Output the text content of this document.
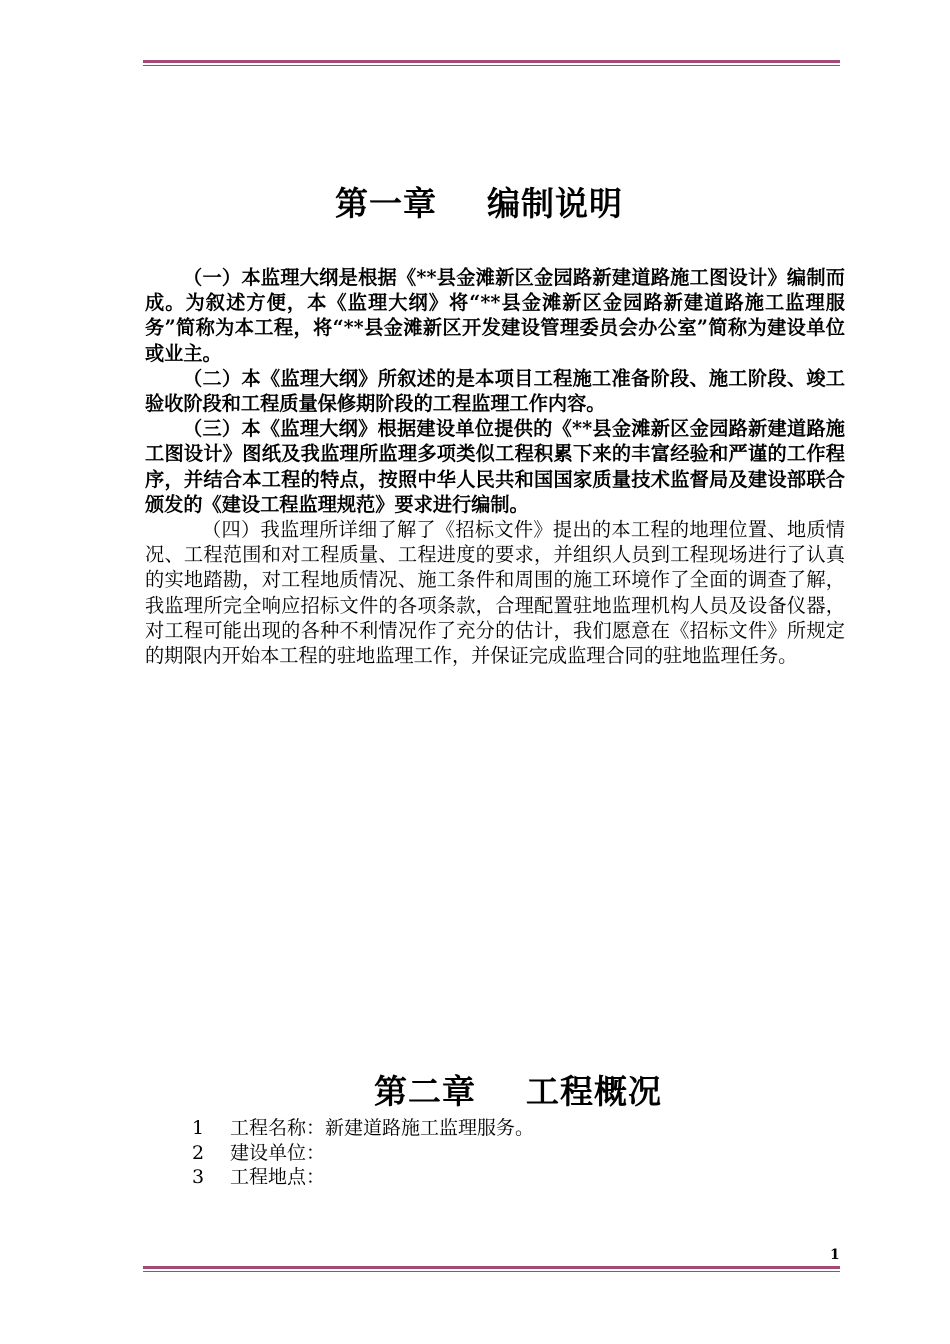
第一章    编制说明

（一）本监理大纲是根据《**县金滩新区金园路新建道路施工图设计》编制而成。为叙述方便，本《监理大纲》将“**县金滩新区金园路新建道路施工监理服务”简称为本工程，将“**县金滩新区开发建设管理委员会办公室”简称为建设单位或业主。

（二）本《监理大纲》所叙述的是本项目工程施工准备阶段、施工阶段、竣工验收阶段和工程质量保修期阶段的工程监理工作内容。

（三）本《监理大纲》根据建设单位提供的《**县金滩新区金园路新建道路施工图设计》图纸及我监理所监理多项类似工程积累下来的丰富经验和严谨的工作程序，并结合本工程的特点，按照中华人民共和国国家质量技术监督局及建设部联合颁发的《建设工程监理规范》要求进行编制。

（四）我监理所详细了解了《招标文件》提出的本工程的地理位置、地质情况、工程范围和对工程质量、工程进度的要求，并组织人员到工程现场进行了认真的实地踏勘，对工程地质情况、施工条件和周围的施工环境作了全面的调查了解，我监理所完全响应招标文件的各项条款，合理配置驻地监理机构人员及设备仪器，对工程可能出现的各种不利情况作了充分的估计，我们愿意在《招标文件》所规定的期限内开始本工程的驻地监理工作，并保证完成监理合同的驻地监理任务。

第二章    工程概况
1	工程名称：新建道路施工监理服务。
2	建设单位：
3	工程地点：
1
